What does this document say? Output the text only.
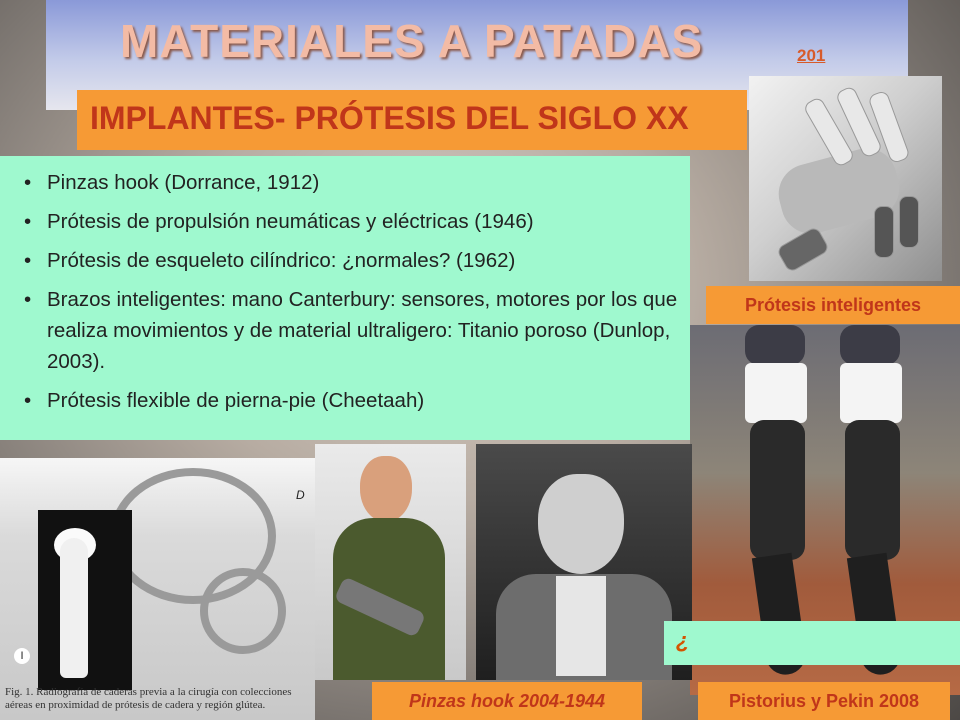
MATERIALES A PATADAS	201
IMPLANTES- PRÓTESIS DEL SIGLO XX
• Pinzas hook (Dorrance, 1912)
• Prótesis de propulsión neumáticas y eléctricas (1946)
• Prótesis de esqueleto cilíndrico: ¿normales? (1962)
• Brazos inteligentes: mano Canterbury: sensores, motores por los que realiza movimientos y de material ultraligero: Titanio poroso (Dunlop, 2003).
• Prótesis flexible de pierna-pie (Cheetaah)
Prótesis inteligentes
D
I
Fig. 1. Radiografía de caderas previa a la cirugía con colecciones aéreas en proximidad de prótesis de cadera y región glútea.
¿
Pinzas hook 2004-1944	Pistorius y Pekin 2008
